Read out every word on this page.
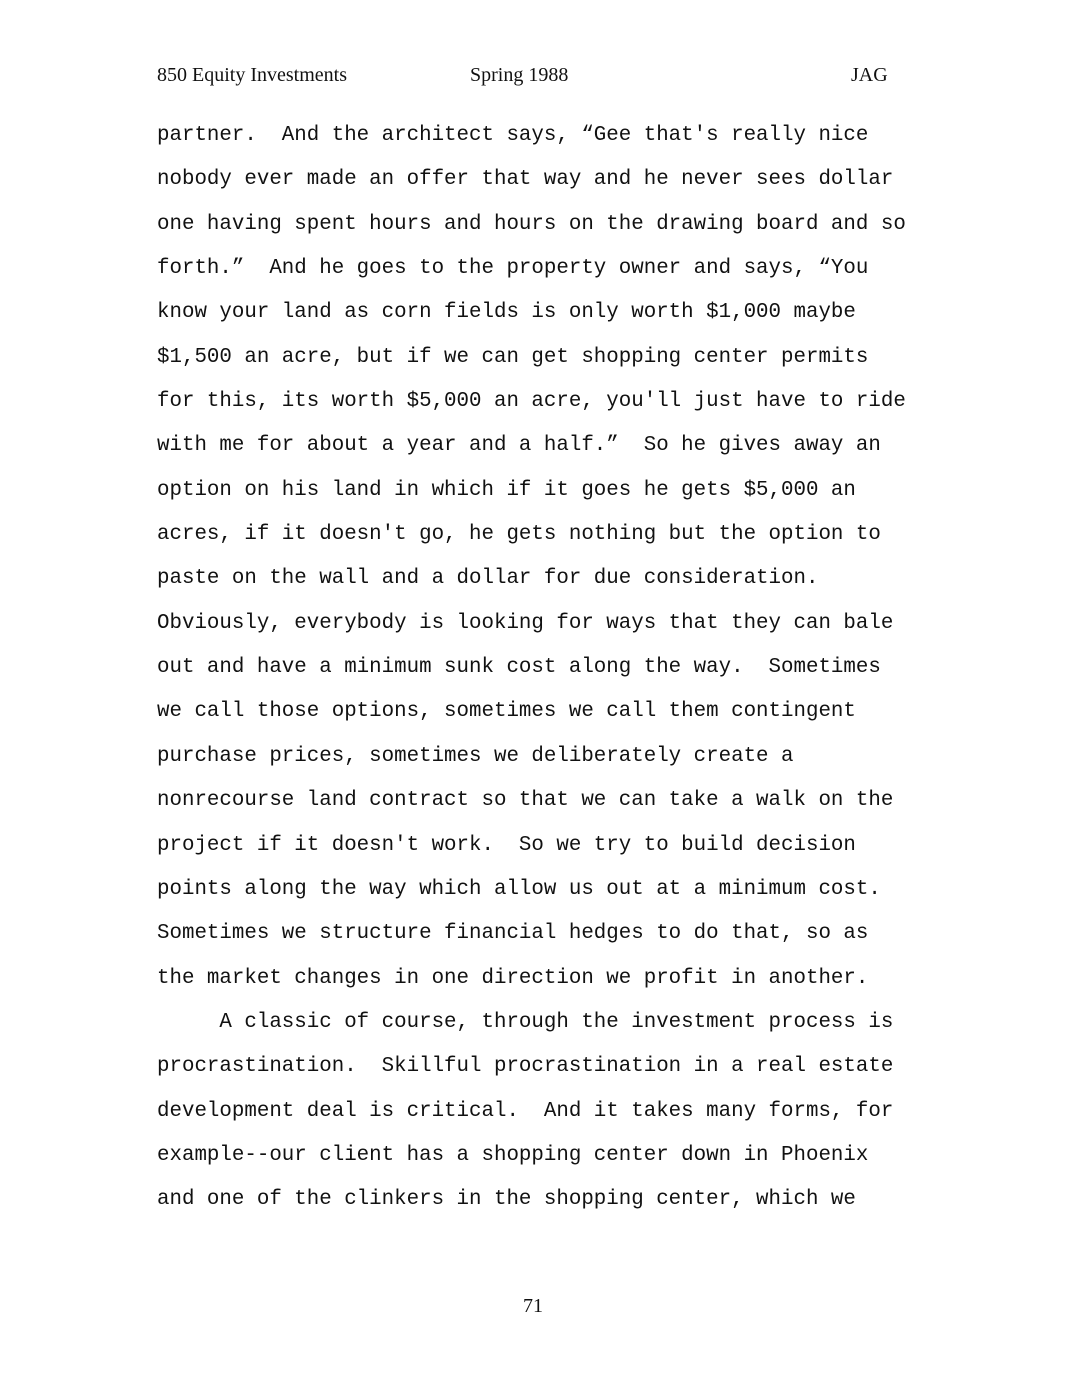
850 Equity Investments	Spring 1988	JAG
partner.  And the architect says, “Gee that's really nice
nobody ever made an offer that way and he never sees dollar
one having spent hours and hours on the drawing board and so
forth.”  And he goes to the property owner and says, “You
know your land as corn fields is only worth $1,000 maybe
$1,500 an acre, but if we can get shopping center permits
for this, its worth $5,000 an acre, you'll just have to ride
with me for about a year and a half.”  So he gives away an
option on his land in which if it goes he gets $5,000 an
acres, if it doesn't go, he gets nothing but the option to
paste on the wall and a dollar for due consideration.
Obviously, everybody is looking for ways that they can bale
out and have a minimum sunk cost along the way.  Sometimes
we call those options, sometimes we call them contingent
purchase prices, sometimes we deliberately create a
nonrecourse land contract so that we can take a walk on the
project if it doesn't work.  So we try to build decision
points along the way which allow us out at a minimum cost.
Sometimes we structure financial hedges to do that, so as
the market changes in one direction we profit in another.
A classic of course, through the investment process is
procrastination.  Skillful procrastination in a real estate
development deal is critical.  And it takes many forms, for
example--our client has a shopping center down in Phoenix
and one of the clinkers in the shopping center, which we
71
